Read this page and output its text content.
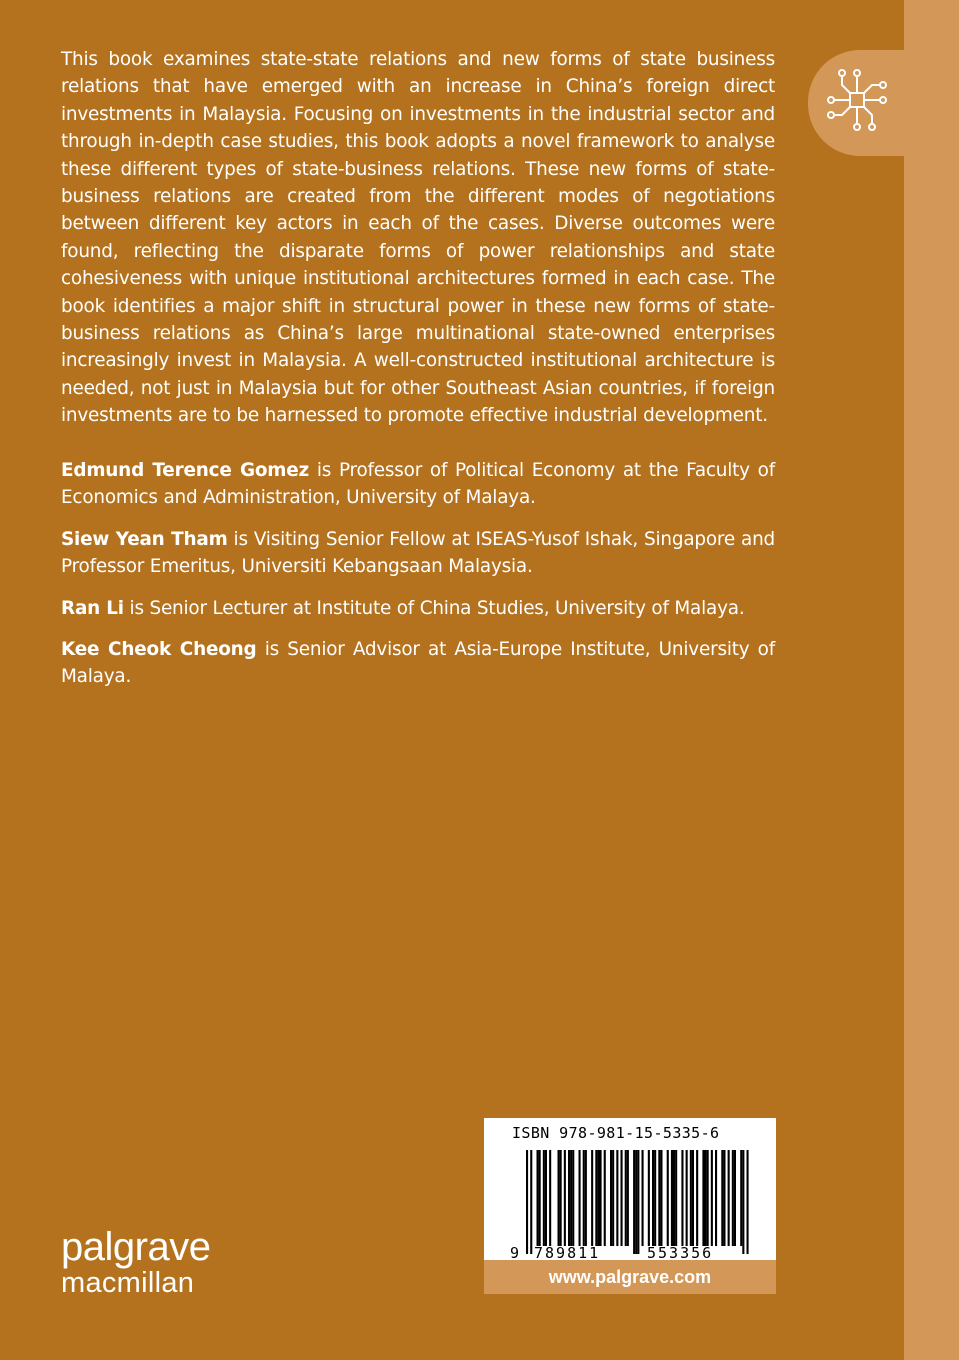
This book examines state-state relations and new forms of state business relations that have emerged with an increase in China’s foreign direct investments in Malaysia. Focusing on investments in the industrial sector and through in-depth case studies, this book adopts a novel framework to analyse these different types of state-business relations. These new forms of state-business relations are created from the different modes of negotiations between different key actors in each of the cases. Diverse outcomes were found, reflecting the disparate forms of power relationships and state cohesiveness with unique institutional architectures formed in each case. The book identifies a major shift in structural power in these new forms of state-business relations as China’s large multinational state-owned enterprises increasingly invest in Malaysia. A well-constructed institutional architecture is needed, not just in Malaysia but for other Southeast Asian countries, if foreign investments are to be harnessed to promote effective industrial development.

Edmund Terence Gomez is Professor of Political Economy at the Faculty of Economics and Administration, University of Malaya.

Siew Yean Tham is Visiting Senior Fellow at ISEAS-Yusof Ishak, Singapore and Professor Emeritus, Universiti Kebangsaan Malaysia.

Ran Li is Senior Lecturer at Institute of China Studies, University of Malaya.

Kee Cheok Cheong is Senior Advisor at Asia-Europe Institute, University of Malaya.

ISBN 978-981-15-5335-6
9 789811	553356
www.palgrave.com
palgrave
macmillan
